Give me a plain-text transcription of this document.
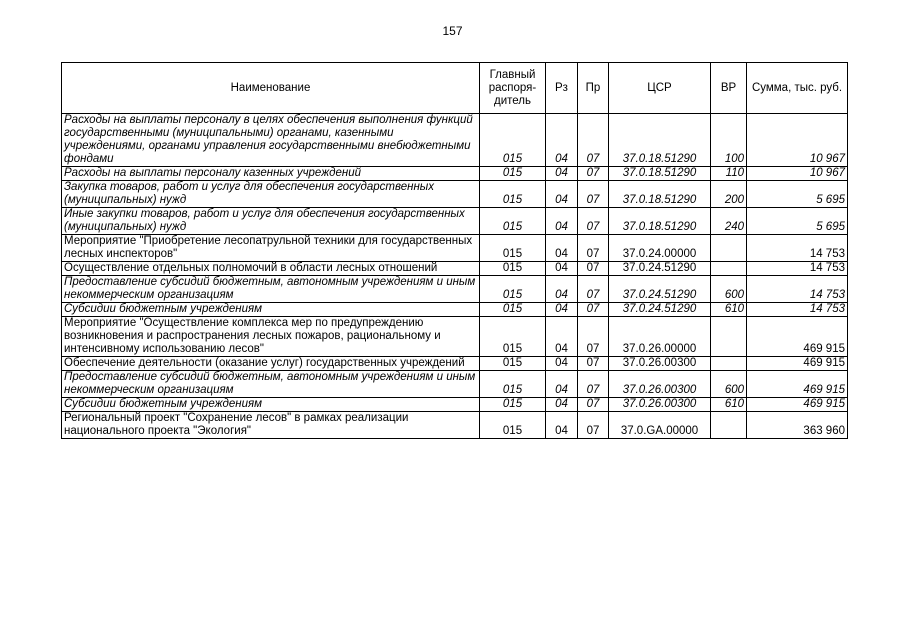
157
Наименование	Главный распоря-дитель	Рз	Пр	ЦСР	ВР	Сумма, тыс. руб.
Расходы на выплаты персоналу в целях обеспечения выполнения функций государственными (муниципальными) органами, казенными учреждениями, органами управления государственными внебюджетными фондами	015	04	07	37.0.18.51290	100	10 967
Расходы на выплаты персоналу казенных учреждений	015	04	07	37.0.18.51290	110	10 967
Закупка товаров, работ и услуг для обеспечения государственных (муниципальных) нужд	015	04	07	37.0.18.51290	200	5 695
Иные закупки товаров, работ и услуг для обеспечения государственных (муниципальных) нужд	015	04	07	37.0.18.51290	240	5 695
Мероприятие "Приобретение лесопатрульной техники для государственных лесных инспекторов"	015	04	07	37.0.24.00000		14 753
Осуществление отдельных полномочий в области лесных отношений	015	04	07	37.0.24.51290		14 753
Предоставление субсидий бюджетным, автономным учреждениям и иным некоммерческим организациям	015	04	07	37.0.24.51290	600	14 753
Субсидии бюджетным учреждениям	015	04	07	37.0.24.51290	610	14 753
Мероприятие "Осуществление комплекса мер по предупреждению возникновения и распространения лесных пожаров, рациональному и интенсивному использованию лесов"	015	04	07	37.0.26.00000		469 915
Обеспечение деятельности (оказание услуг) государственных учреждений	015	04	07	37.0.26.00300		469 915
Предоставление субсидий бюджетным, автономным учреждениям и иным некоммерческим организациям	015	04	07	37.0.26.00300	600	469 915
Субсидии бюджетным учреждениям	015	04	07	37.0.26.00300	610	469 915
Региональный проект "Сохранение лесов" в рамках реализации национального проекта "Экология"	015	04	07	37.0.GA.00000		363 960
